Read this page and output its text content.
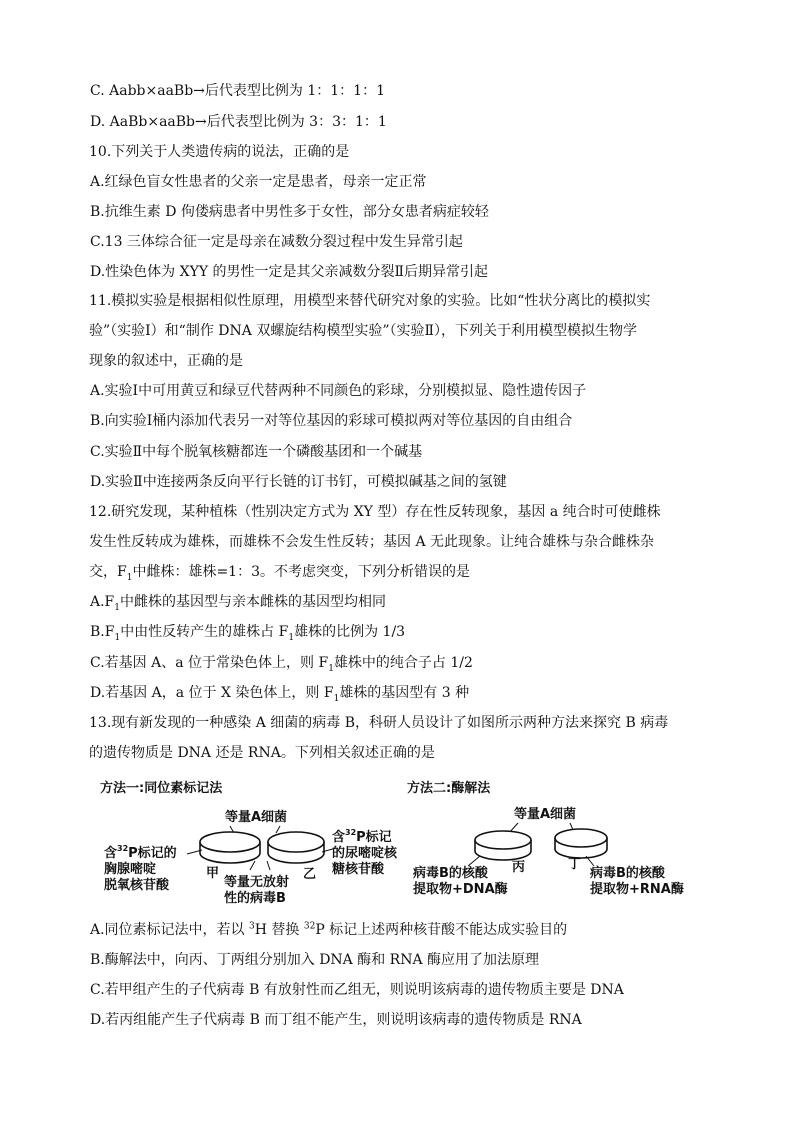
C. Aabb×aaBb→后代表型比例为 1：1：1：1
D. AaBb×aaBb→后代表型比例为 3：3：1：1
10.下列关于人类遗传病的说法，正确的是
A.红绿色盲女性患者的父亲一定是患者，母亲一定正常
B.抗维生素 D 佝偻病患者中男性多于女性，部分女患者病症较轻
C.13 三体综合征一定是母亲在减数分裂过程中发生异常引起
D.性染色体为 XYY 的男性一定是其父亲减数分裂Ⅱ后期异常引起
11.模拟实验是根据相似性原理，用模型来替代研究对象的实验。比如“性状分离比的模拟实
验”（实验Ⅰ）和“制作 DNA 双螺旋结构模型实验”（实验Ⅱ），下列关于利用模型模拟生物学
现象的叙述中，正确的是
A.实验Ⅰ中可用黄豆和绿豆代替两种不同颜色的彩球，分别模拟显、隐性遗传因子
B.向实验Ⅰ桶内添加代表另一对等位基因的彩球可模拟两对等位基因的自由组合
C.实验Ⅱ中每个脱氧核糖都连一个磷酸基团和一个碱基
D.实验Ⅱ中连接两条反向平行长链的订书钉，可模拟碱基之间的氢键
12.研究发现，某种植株（性别决定方式为 XY 型）存在性反转现象，基因 a 纯合时可使雌株
发生性反转成为雄株，而雄株不会发生性反转；基因 A 无此现象。让纯合雄株与杂合雌株杂
交，$F_1$中雌株：雄株=1：3。不考虑突变，下列分析错误的是
$A.F_1$中雌株的基因型与亲本雌株的基因型均相同
$B.F_1$中由性反转产生的雄株占 $F_1$雄株的比例为 1/3
C.若基因 A、a 位于常染色体上，则 $F_1$雄株中的纯合子占 1/2
D.若基因 A，a 位于 X 染色体上，则 $F_1$雄株的基因型有 3 种
13.现有新发现的一种感染 A 细菌的病毒 B，科研人员设计了如图所示两种方法来探究 B 病毒
的遗传物质是 DNA 还是 RNA。下列相关叙述正确的是
方法一:同位素标记法	方法二:酶解法
等量A细菌
含$^{32}$P标记的
胸腺嘧啶
脱氧核苷酸
甲	乙
等量无放射
性的病毒B
含$^{32}$P标记
的尿嘧啶核
糖核苷酸
等量A细菌
丙	丁
病毒B的核酸
提取物+DNA酶
病毒B的核酸
提取物+RNA酶
A.同位素标记法中，若以 $^3$H 替换 $^{32}$P 标记上述两种核苷酸不能达成实验目的
B.酶解法中，向丙、丁两组分别加入 DNA 酶和 RNA 酶应用了加法原理
C.若甲组产生的子代病毒 B 有放射性而乙组无，则说明该病毒的遗传物质主要是 DNA
D.若丙组能产生子代病毒 B 而丁组不能产生，则说明该病毒的遗传物质是 RNA
